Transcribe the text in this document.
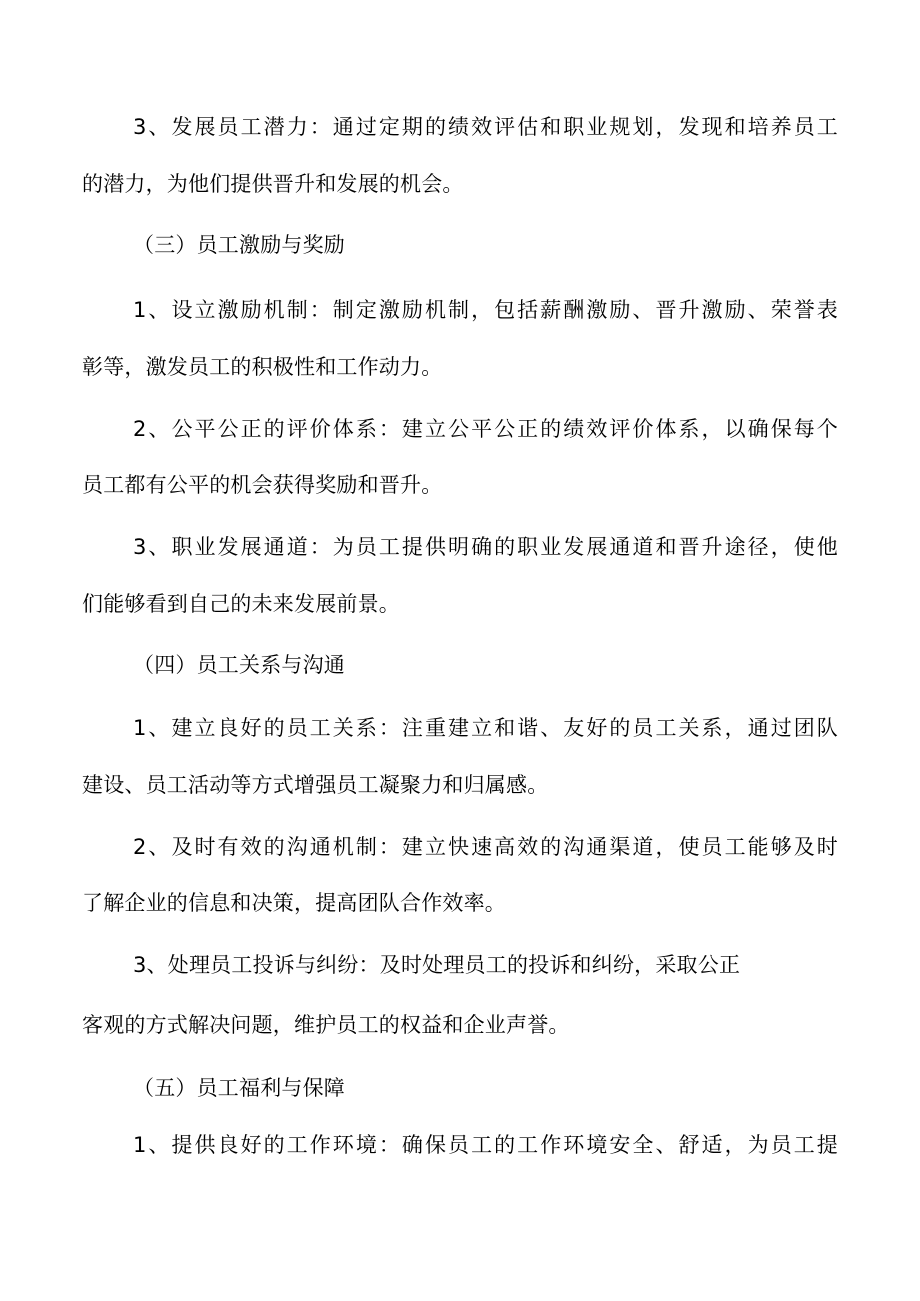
3、发展员工潜力：通过定期的绩效评估和职业规划，发现和培养员工
的潜力，为他们提供晋升和发展的机会。
（三）员工激励与奖励
1、设立激励机制：制定激励机制，包括薪酬激励、晋升激励、荣誉表
彰等，激发员工的积极性和工作动力。
2、公平公正的评价体系：建立公平公正的绩效评价体系，以确保每个
员工都有公平的机会获得奖励和晋升。
3、职业发展通道：为员工提供明确的职业发展通道和晋升途径，使他
们能够看到自己的未来发展前景。
（四）员工关系与沟通
1、建立良好的员工关系：注重建立和谐、友好的员工关系，通过团队
建设、员工活动等方式增强员工凝聚力和归属感。
2、及时有效的沟通机制：建立快速高效的沟通渠道，使员工能够及时
了解企业的信息和决策，提高团队合作效率。
3、处理员工投诉与纠纷：及时处理员工的投诉和纠纷，采取公正
客观的方式解决问题，维护员工的权益和企业声誉。
（五）员工福利与保障
1、提供良好的工作环境：确保员工的工作环境安全、舒适，为员工提
